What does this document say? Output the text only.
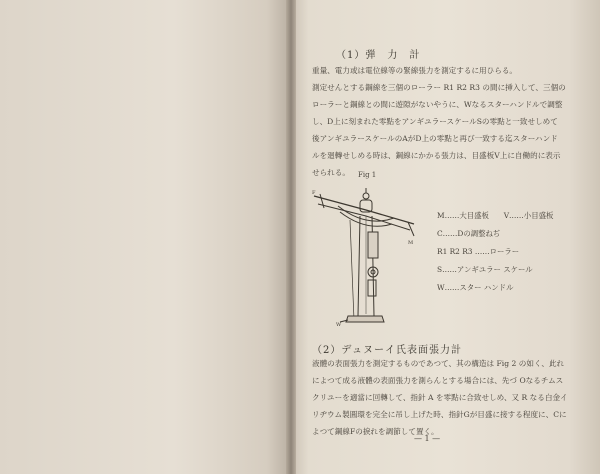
（1）弾　力　計
重量、電力或は電位線等の緊線張力を測定するに用ひらる。
測定せんとする鋼線を三個のローラー R1 R2 R3 の間に挿入して、三個の
ローラーと鋼線との間に遊隙がないやうに、Wなるスターハンドルで調整
し、D上に刻まれた零點をアンギユラースケールSの零點と一致せしめて
後アンギユラースケールのAがD上の零點と再び一致する迄スターハンド
ルを廻轉せしめる時は、鋼線にかかる張力は、目盛板V上に自働的に表示
せられる。	Fig 1
F
M
W
M……大目盛板　　V……小目盛板
C……Dの調整ねぢ
R1 R2 R3 ……ローラー
S……アンギユラー スケール
W……スター ハンドル
（2）デュヌーイ氏表面張力計
液體の表面張力を測定するものであつて、其の構造は Fig 2 の如く、此れ
によつて成る液體の表面張力を測らんとする場合には、先づ Oなるチムス
クリユーを適當に回轉して、指針 A を零點に合致せしめ、又 R なる白金イ
リヂウム製圓環を完全に吊し上げた時、指針Gが目盛に接する程度に、Cに
よつて鋼線Fの捩れを調節して置く。
— 1 —
